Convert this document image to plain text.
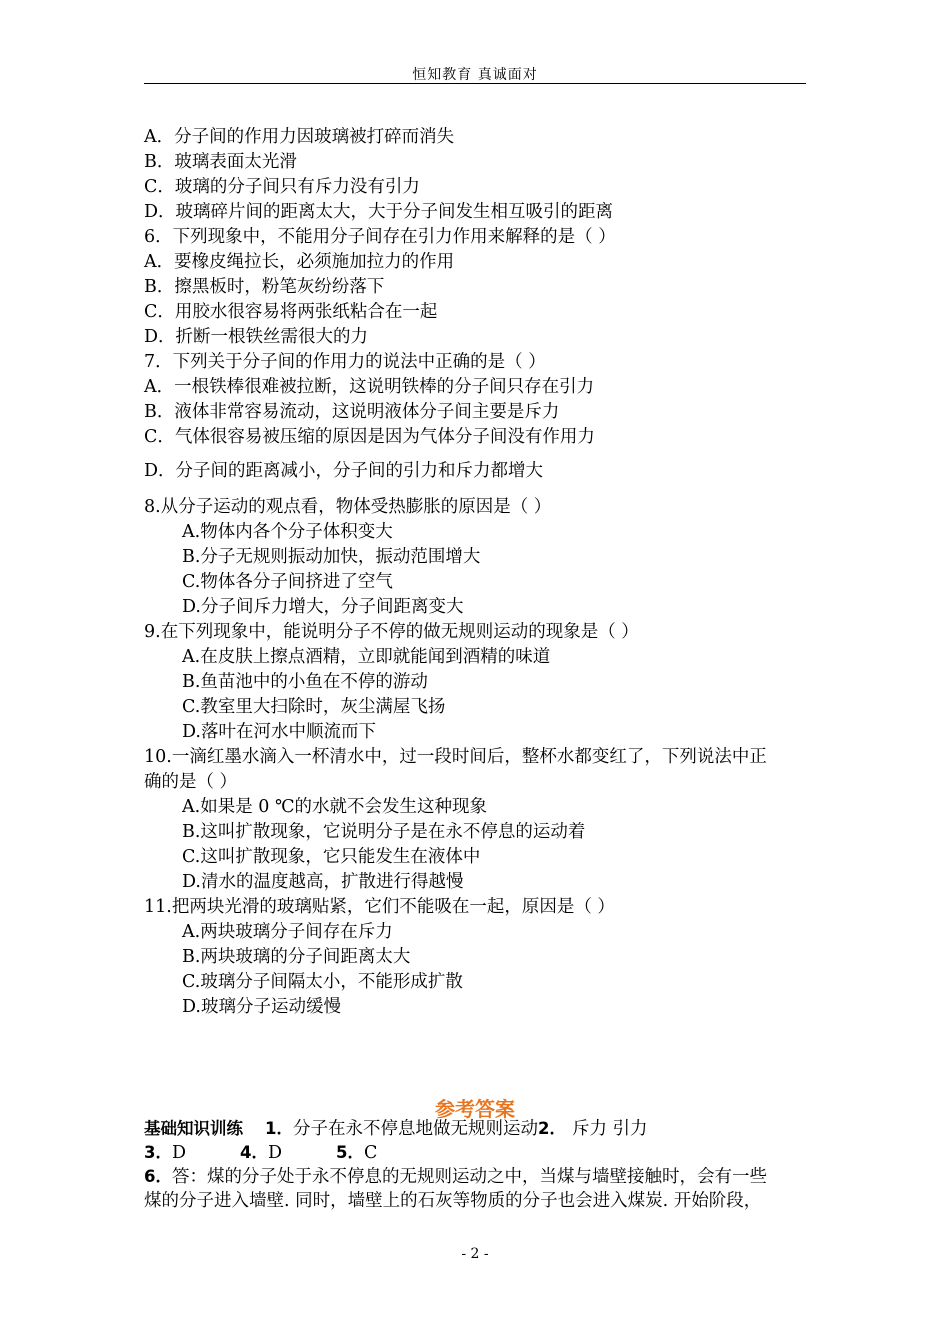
恒知教育 真诚面对
A．分子间的作用力因玻璃被打碎而消失
B．玻璃表面太光滑
C．玻璃的分子间只有斥力没有引力
D．玻璃碎片间的距离太大，大于分子间发生相互吸引的距离
6．下列现象中，不能用分子间存在引力作用来解释的是（ ）
A．要橡皮绳拉长，必须施加拉力的作用
B．擦黑板时，粉笔灰纷纷落下
C．用胶水很容易将两张纸粘合在一起
D．折断一根铁丝需很大的力
7．下列关于分子间的作用力的说法中正确的是（ ）
A．一根铁棒很难被拉断，这说明铁棒的分子间只存在引力
B．液体非常容易流动，这说明液体分子间主要是斥力
C．气体很容易被压缩的原因是因为气体分子间没有作用力
D．分子间的距离减小，分子间的引力和斥力都增大
8.从分子运动的观点看，物体受热膨胀的原因是（ ）
A.物体内各个分子体积变大
B.分子无规则振动加快，振动范围增大
C.物体各分子间挤进了空气
D.分子间斥力增大，分子间距离变大
9.在下列现象中，能说明分子不停的做无规则运动的现象是（ ）
A.在皮肤上擦点酒精，立即就能闻到酒精的味道
B.鱼苗池中的小鱼在不停的游动
C.教室里大扫除时，灰尘满屋飞扬
D.落叶在河水中顺流而下
10.一滴红墨水滴入一杯清水中，过一段时间后，整杯水都变红了，下列说法中正
确的是（ ）
A.如果是 0 ℃的水就不会发生这种现象
B.这叫扩散现象，它说明分子是在永不停息的运动着
C.这叫扩散现象，它只能发生在液体中
D.清水的温度越高，扩散进行得越慢
11.把两块光滑的玻璃贴紧，它们不能吸在一起，原因是（ ）
A.两块玻璃分子间存在斥力
B.两块玻璃的分子间距离太大
C.玻璃分子间隔太小，不能形成扩散
D.玻璃分子运动缓慢
参考答案
基础知识训练 1．分子在永不停息地做无规则运动2． 斥力 引力
3．D	4．D	5．C
6．答：煤的分子处于永不停息的无规则运动之中，当煤与墙壁接触时，会有一些
煤的分子进入墙壁. 同时，墙壁上的石灰等物质的分子也会进入煤炭. 开始阶段，
- 2 -
